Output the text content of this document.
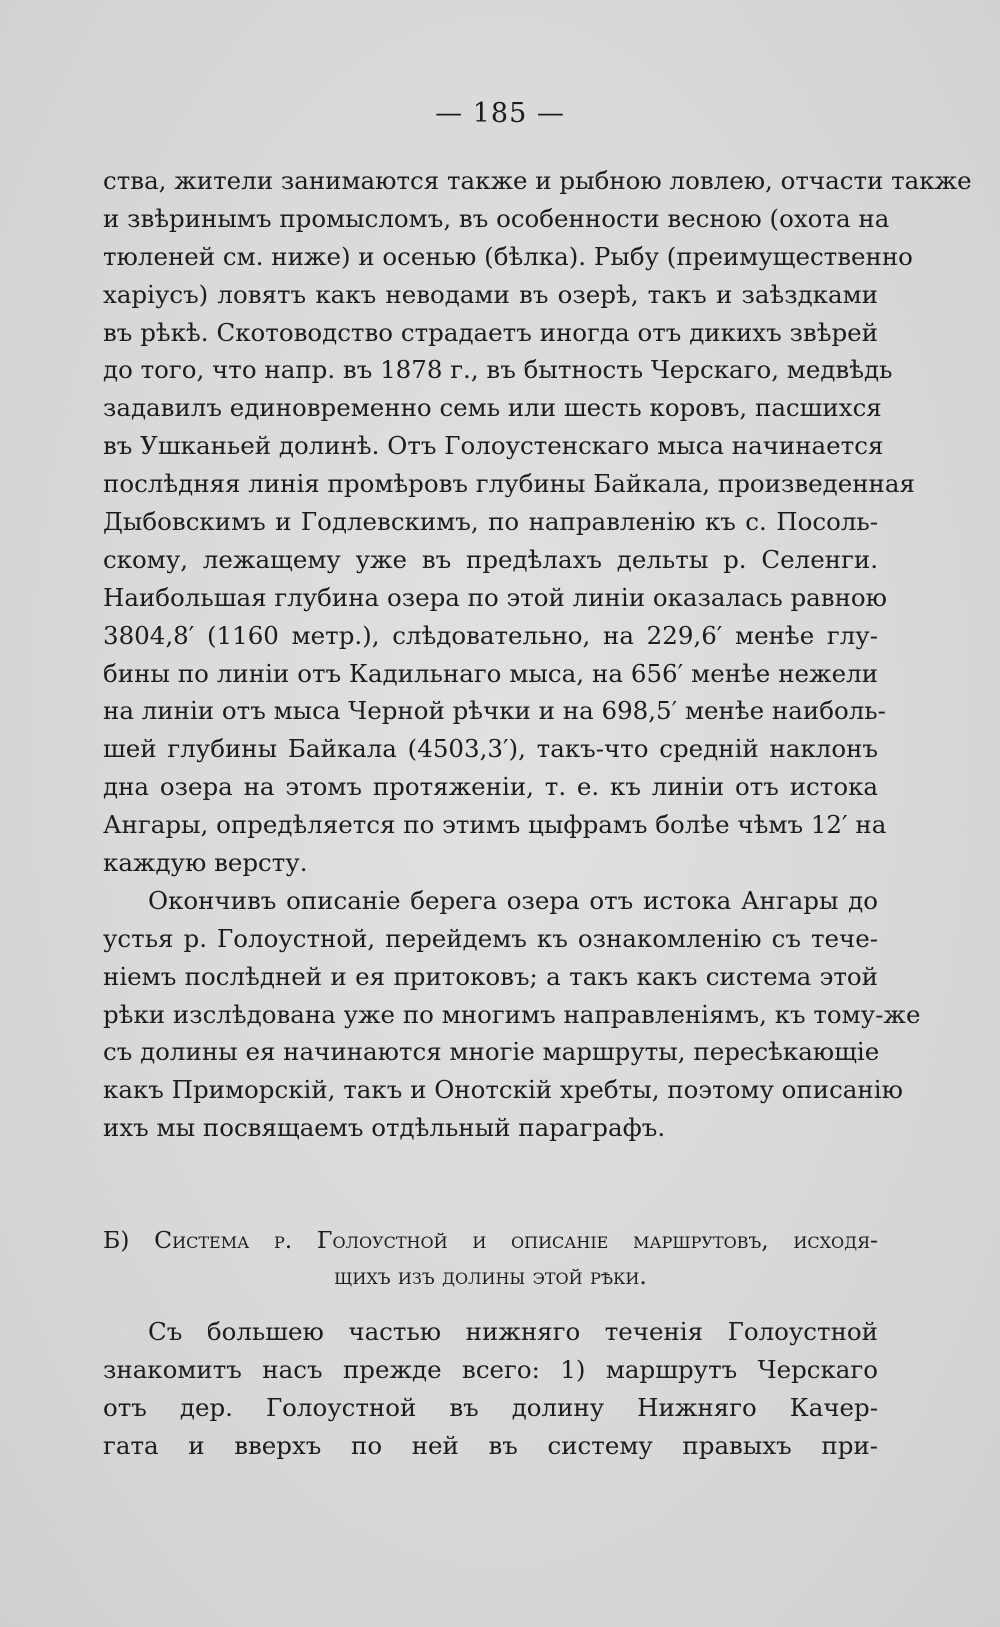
— 185 —
ства, жители занимаются также и рыбною ловлею, отчасти также
и звѣринымъ промысломъ, въ особенности весною (охота на
тюленей см. ниже) и осенью (бѣлка). Рыбу (преимущественно
харіусъ) ловятъ какъ неводами въ озерѣ, такъ и заѣздками
въ рѣкѣ. Скотоводство страдаетъ иногда отъ дикихъ звѣрей
до того, что напр. въ 1878 г., въ бытность Черскаго, медвѣдь
задавилъ единовременно семь или шесть коровъ, пасшихся
въ Ушканьей долинѣ. Отъ Голоустенскаго мыса начинается
послѣдняя линія промѣровъ глубины Байкала, произведенная
Дыбовскимъ и Годлевскимъ, по направленію къ с. Посоль-
скому, лежащему уже въ предѣлахъ дельты р. Селенги.
Наибольшая глубина озера по этой линіи оказалась равною
3804,8′ (1160 метр.), слѣдовательно, на 229,6′ менѣе глу-
бины по линіи отъ Кадильнаго мыса, на 656′ менѣе нежели
на линіи отъ мыса Черной рѣчки и на 698,5′ менѣе наиболь-
шей глубины Байкала (4503,3′), такъ-что средній наклонъ
дна озера на этомъ протяженіи, т. е. къ линіи отъ истока
Ангары, опредѣляется по этимъ цыфрамъ болѣе чѣмъ 12′ на
каждую версту.
Окончивъ описаніе берега озера отъ истока Ангары до
устья р. Голоустной, перейдемъ къ ознакомленію съ тече-
ніемъ послѣдней и ея притоковъ; а такъ какъ система этой
рѣки изслѣдована уже по многимъ направленіямъ, къ тому-же
съ долины ея начинаются многіе маршруты, пересѣкающіе
какъ Приморскій, такъ и Онотскій хребты, поэтому описанію
ихъ мы посвящаемъ отдѣльный параграфъ.
Б) Система р. Голоустной и описаніе маршрутовъ, исходя-
щихъ изъ долины этой рѣки.
Съ большею частью нижняго теченія Голоустной
знакомитъ насъ прежде всего: 1) маршрутъ Черскаго
отъ дер. Голоустной въ долину Нижняго Качер-
гата и вверхъ по ней въ систему правыхъ при-
